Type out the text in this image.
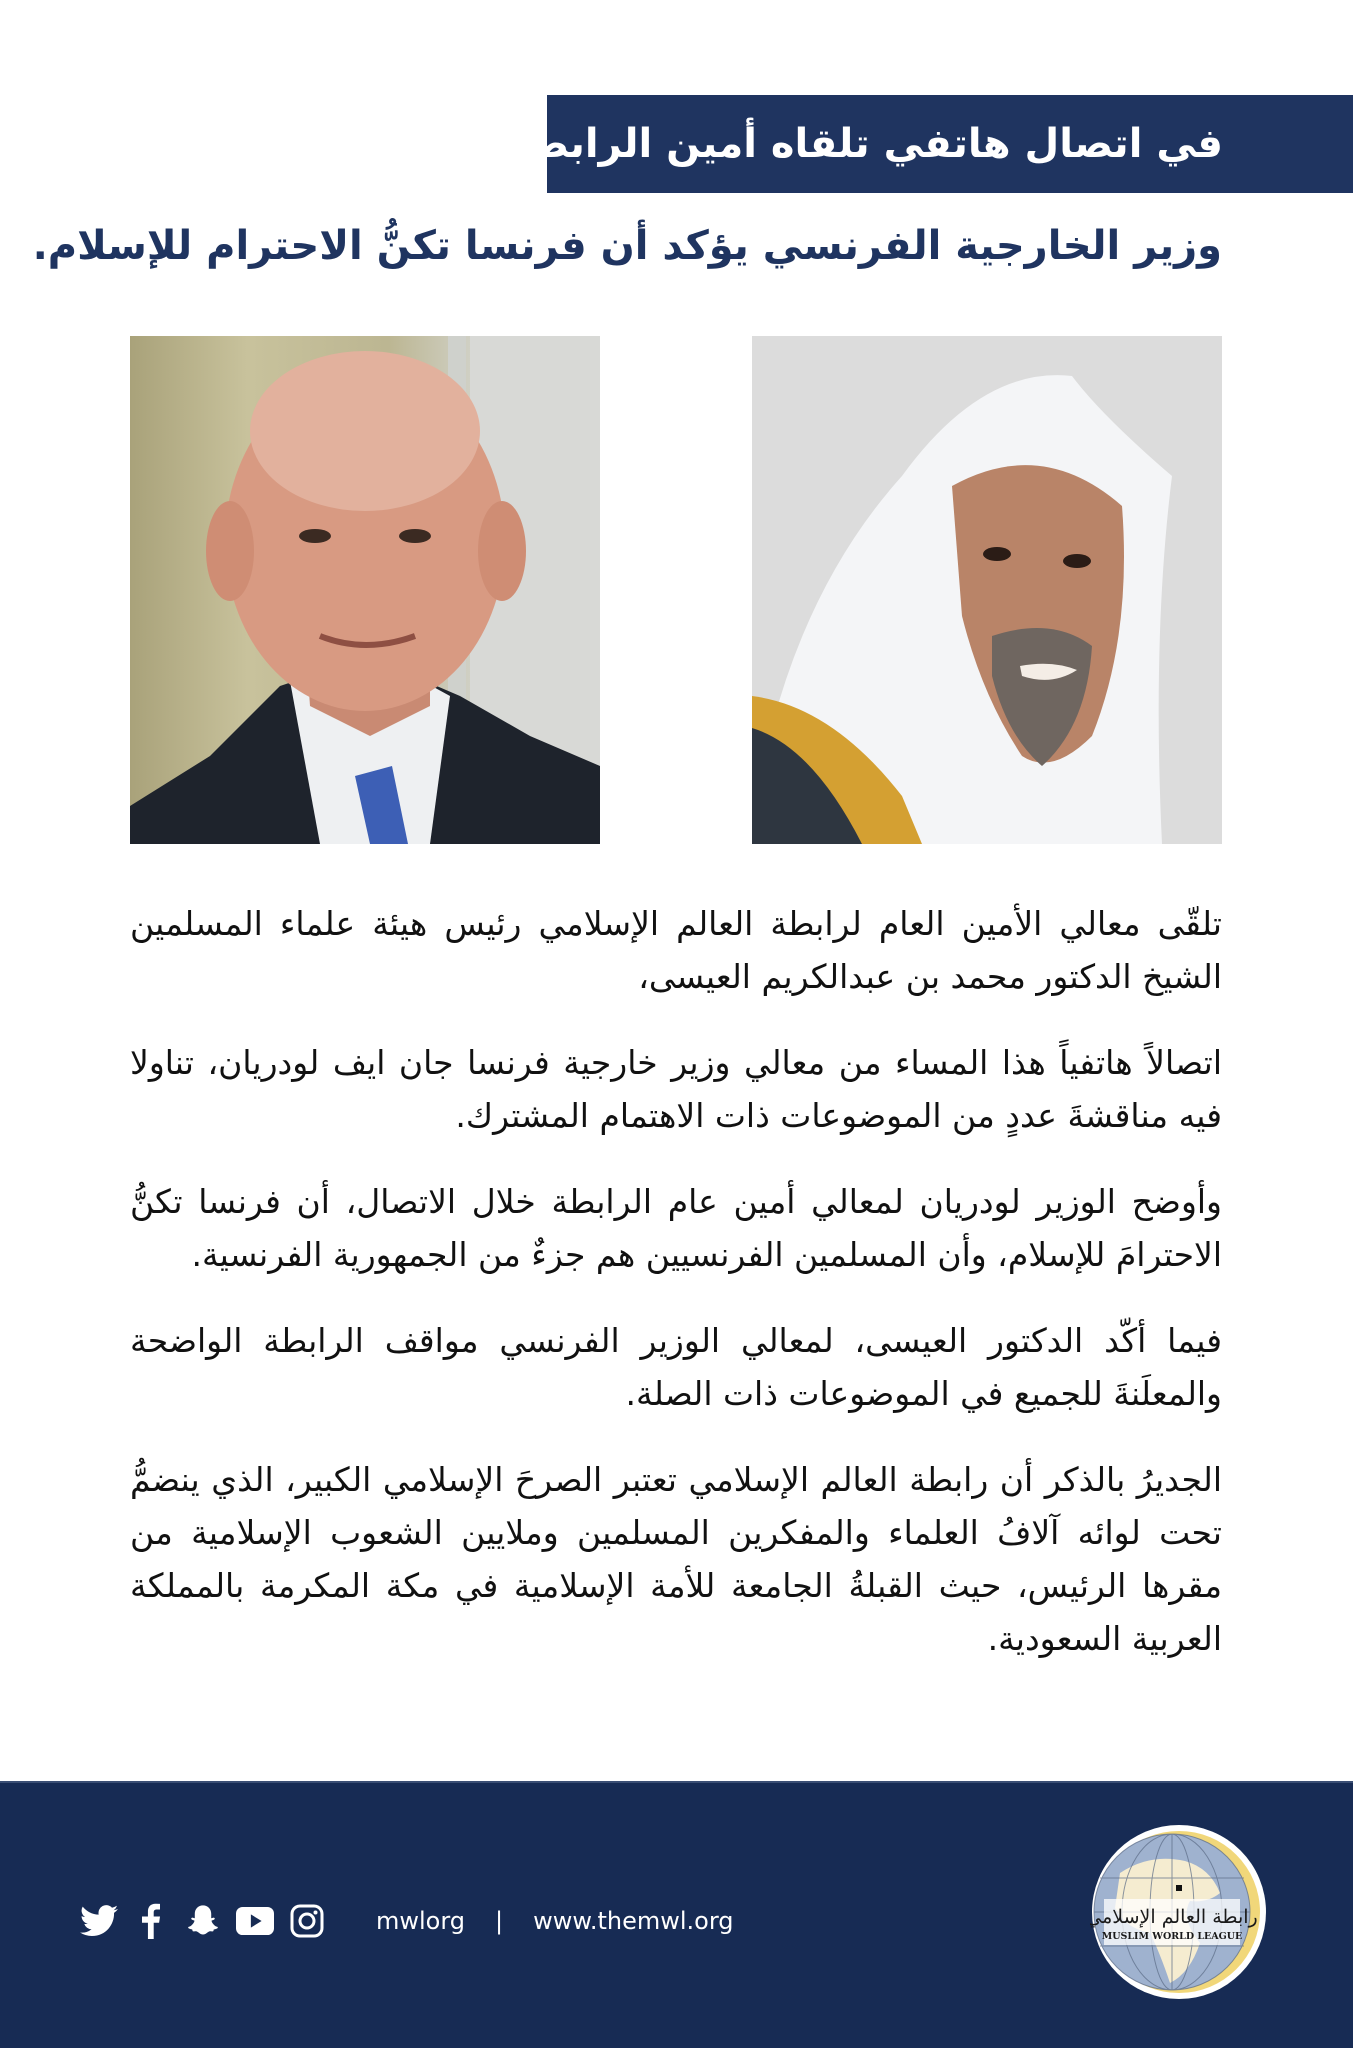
في اتصال هاتفي تلقاه أمين الرابطة:
وزير الخارجية الفرنسي يؤكد أن فرنسا تكنُّ الاحترام للإسلام.

تلقّى معالي الأمين العام لرابطة العالم الإسلامي رئيس هيئة علماء المسلمين الشيخ الدكتور محمد بن عبدالكريم العيسى،

اتصالاً هاتفياً هذا المساء من معالي وزير خارجية فرنسا جان ايف لودريان، تناولا فيه مناقشةَ عددٍ من الموضوعات ذات الاهتمام المشترك.

وأوضح الوزير لودريان لمعالي أمين عام الرابطة خلال الاتصال، أن فرنسا تكنُّ الاحترامَ للإسلام، وأن المسلمين الفرنسيين هم جزءٌ من الجمهورية الفرنسية.

فيما أكّد الدكتور العيسى، لمعالي الوزير الفرنسي مواقف الرابطة الواضحة والمعلَنةَ للجميع في الموضوعات ذات الصلة.

الجديرُ بالذكر أن رابطة العالم الإسلامي تعتبر الصرحَ الإسلامي الكبير، الذي ينضمُّ تحت لوائه آلافُ العلماء والمفكرين المسلمين وملايين الشعوب الإسلامية من مقرها الرئيس، حيث القبلةُ الجامعة للأمة الإسلامية في مكة المكرمة بالمملكة العربية السعودية.

mwlorg | www.themwl.org	رابطة العالم الإسلامي
MUSLIM WORLD LEAGUE
